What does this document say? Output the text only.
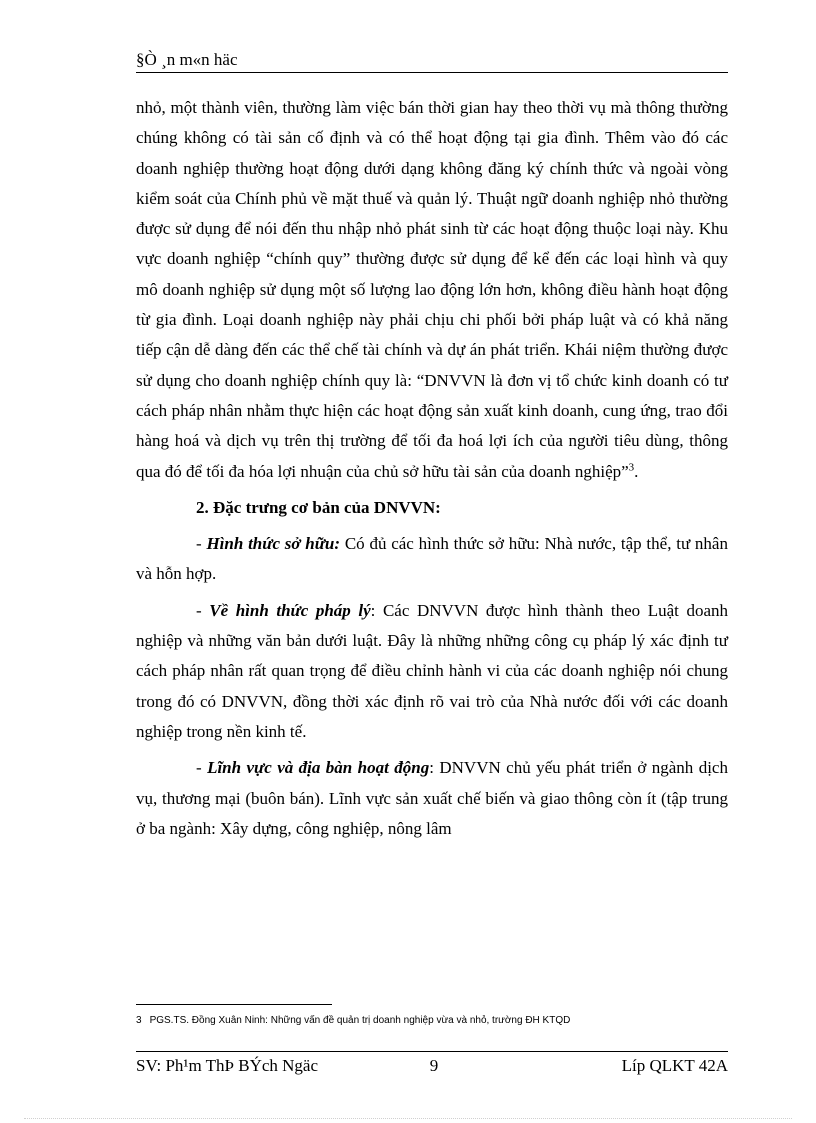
§Ò ¸n m«n häc

nhỏ, một thành viên, thường làm việc bán thời gian hay theo thời vụ mà thông thường chúng không có tài sản cố định và có thể hoạt động tại gia đình. Thêm vào đó các doanh nghiệp thường hoạt động dưới dạng không đăng ký chính thức và ngoài vòng kiểm soát của Chính phủ về mặt thuế và quản lý. Thuật ngữ doanh nghiệp nhỏ thường được sử dụng để nói đến thu nhập nhỏ phát sinh từ các hoạt động thuộc loại này. Khu vực doanh nghiệp “chính quy” thường được sử dụng để kể đến các loại hình và quy mô doanh nghiệp sử dụng một số lượng lao động lớn hơn, không điều hành hoạt động từ gia đình. Loại doanh nghiệp này phải chịu chi phối bởi pháp luật và có khả năng tiếp cận dễ dàng đến các thể chế tài chính và dự án phát triển. Khái niệm thường được sử dụng cho doanh nghiệp chính quy là: “DNVVN là đơn vị tổ chức kinh doanh có tư cách pháp nhân nhằm thực hiện các hoạt động sản xuất kinh doanh, cung ứng, trao đổi hàng hoá và dịch vụ trên thị trường để tối đa hoá lợi ích của người tiêu dùng, thông qua đó để tối đa hóa lợi nhuận của chủ sở hữu tài sản của doanh nghiệp”$^3$.

2. Đặc trưng cơ bản của DNVVN:

- Hình thức sở hữu: Có đủ các hình thức sở hữu: Nhà nước, tập thể, tư nhân và hỗn hợp.

- Về hình thức pháp lý: Các DNVVN được hình thành theo Luật doanh nghiệp và những văn bản dưới luật. Đây là những những công cụ pháp lý xác định tư cách pháp nhân rất quan trọng để điều chỉnh hành vi của các doanh nghiệp nói chung trong đó có DNVVN, đồng thời xác định rõ vai trò của Nhà nước đối với các doanh nghiệp trong nền kinh tế.

- Lĩnh vực và địa bàn hoạt động: DNVVN chủ yếu phát triển ở ngành dịch vụ, thương mại (buôn bán). Lĩnh vực sản xuất chế biến và giao thông còn ít (tập trung ở ba ngành: Xây dựng, công nghiệp, nông lâm

3 PGS.TS. Đồng Xuân Ninh: Những vấn đề quản trị doanh nghiệp vừa và nhỏ, trường ĐH KTQD
SV: Ph¹m ThÞ BÝch Ngäc	9	Líp QLKT 42A
